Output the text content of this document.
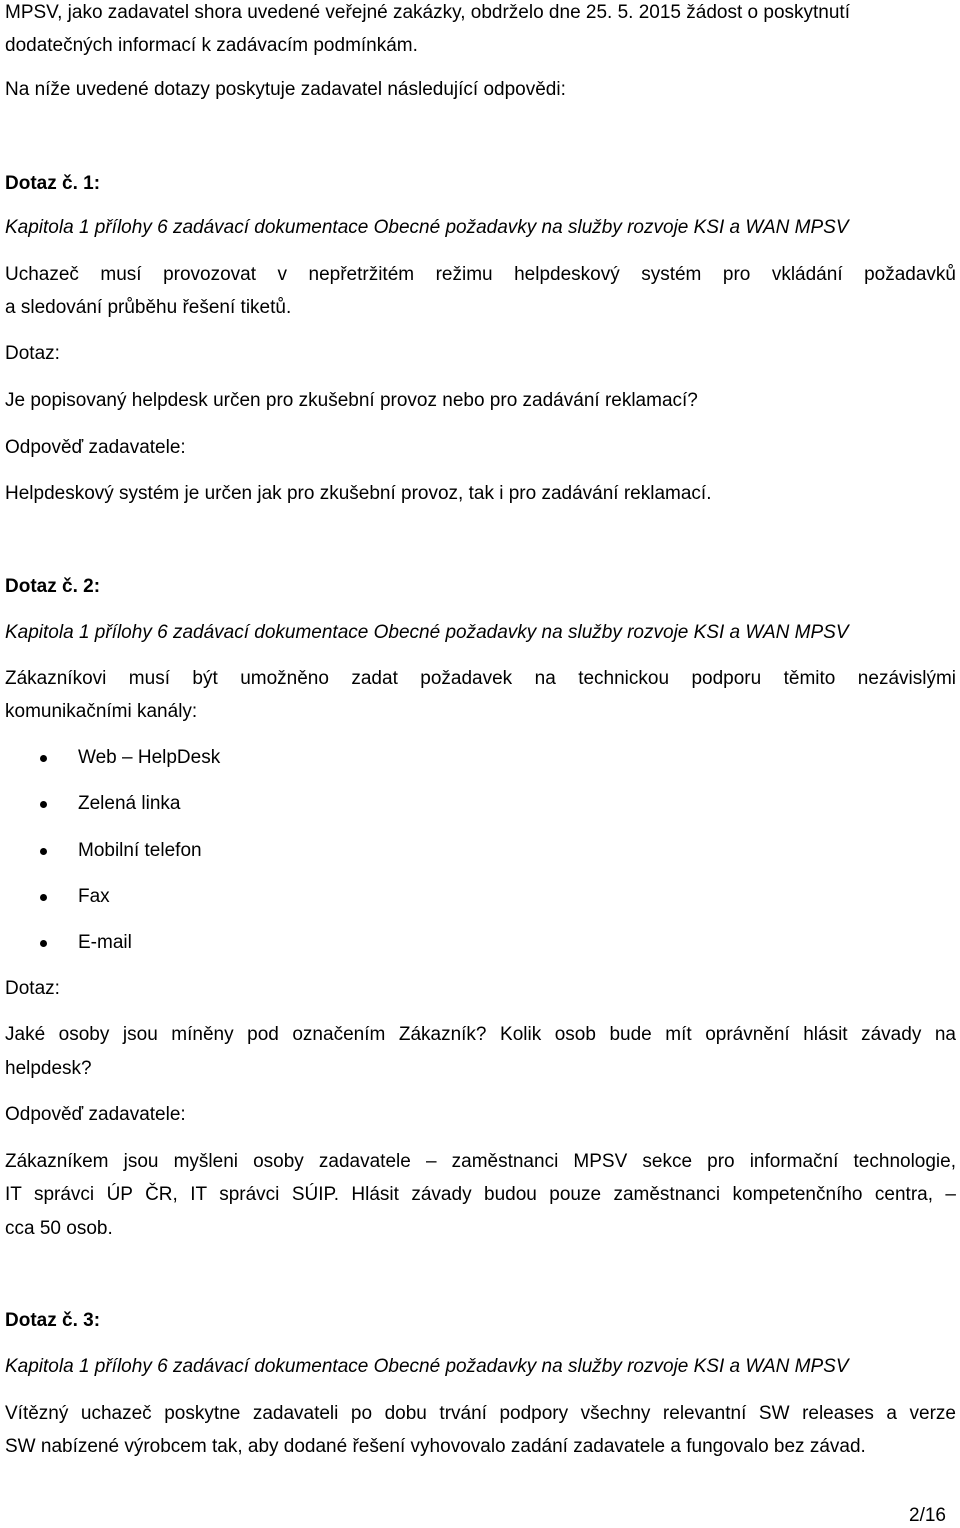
MPSV, jako zadavatel shora uvedené veřejné zakázky, obdrželo dne 25. 5. 2015 žádost o poskytnutí
dodatečných informací k zadávacím podmínkám.
Na níže uvedené dotazy poskytuje zadavatel následující odpovědi:
Dotaz č. 1:
Kapitola 1 přílohy 6 zadávací dokumentace Obecné požadavky na služby rozvoje KSI a WAN MPSV
Uchazeč musí provozovat v nepřetržitém režimu helpdeskový systém pro vkládání požadavků
a sledování průběhu řešení tiketů.
Dotaz:
Je popisovaný helpdesk určen pro zkušební provoz nebo pro zadávání reklamací?
Odpověď zadavatele:
Helpdeskový systém je určen jak pro zkušební provoz, tak i pro zadávání reklamací.
Dotaz č. 2:
Kapitola 1 přílohy 6 zadávací dokumentace Obecné požadavky na služby rozvoje KSI a WAN MPSV
Zákazníkovi musí být umožněno zadat požadavek na technickou podporu těmito nezávislými
komunikačními kanály:
Web – HelpDesk
Zelená linka
Mobilní telefon
Fax
E-mail
Dotaz:
Jaké osoby jsou míněny pod označením Zákazník? Kolik osob bude mít oprávnění hlásit závady na
helpdesk?
Odpověď zadavatele:
Zákazníkem jsou myšleni osoby zadavatele – zaměstnanci MPSV sekce pro informační technologie,
IT správci ÚP ČR, IT správci SÚIP. Hlásit závady budou pouze zaměstnanci kompetenčního centra, –
cca 50 osob.
Dotaz č. 3:
Kapitola 1 přílohy 6 zadávací dokumentace Obecné požadavky na služby rozvoje KSI a WAN MPSV
Vítězný uchazeč poskytne zadavateli po dobu trvání podpory všechny relevantní SW releases a verze
SW nabízené výrobcem tak, aby dodané řešení vyhovovalo zadání zadavatele a fungovalo bez závad.
2/16
